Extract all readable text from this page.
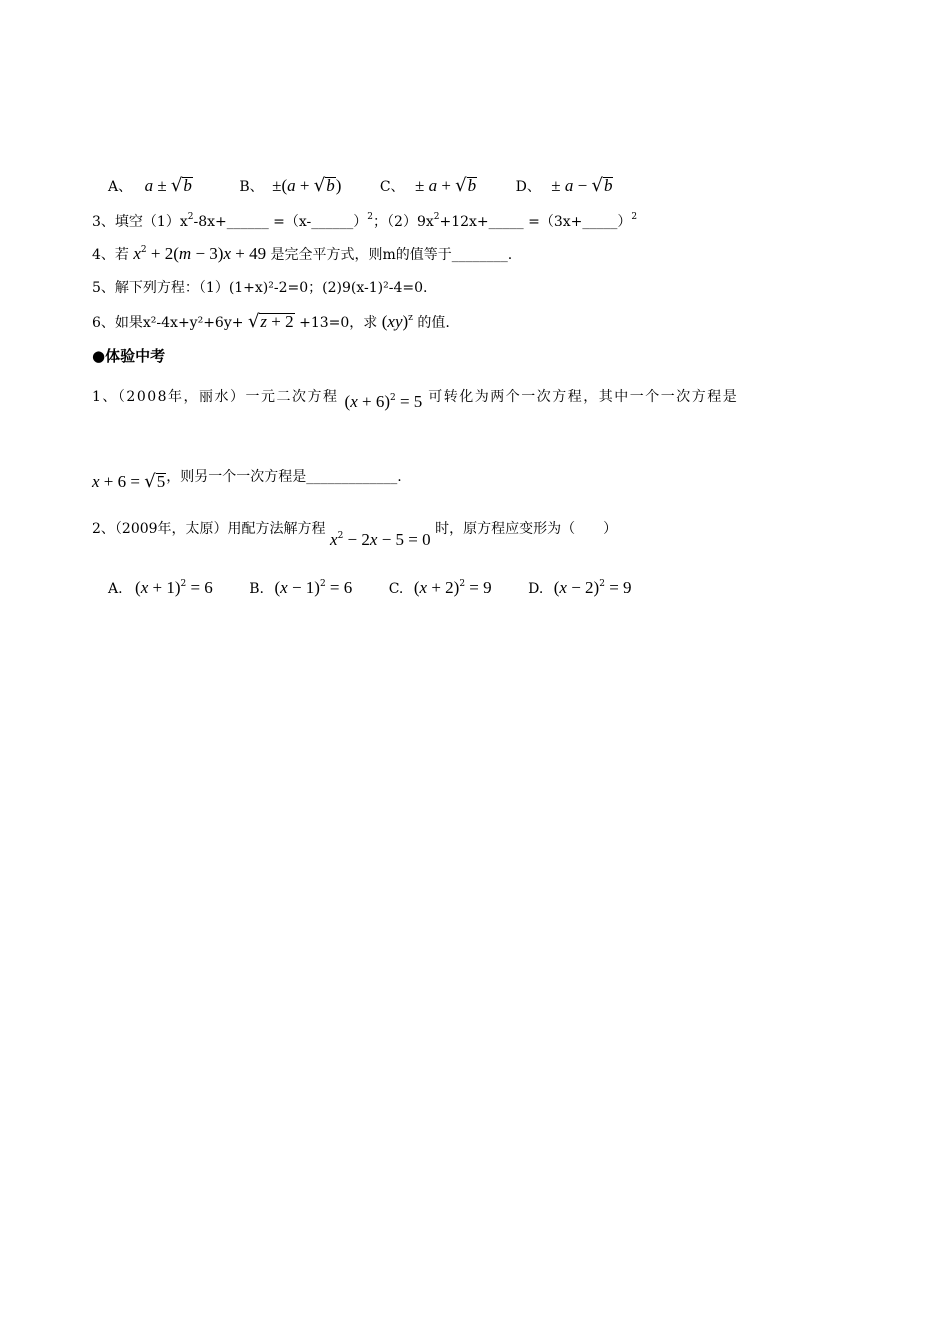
A、 a ± √b	B、 ±(a + √b)	C、 ± a + √b	D、 ± a − √b
3、填空$(1)x^2-8x+\_\_\_\_\_\_$ =（x-______）$^2$；$(2)9x^2+12x+\_\_\_\_\_$ =（3x+_____）$^2$
4、若 $x^2 + 2(m - 3)x + 49$ 是完全平方式，则m的值等于________.
5、解下列方程：（1）(1+x)²-2=0；(2)9(x-1)²-4=0.
6、如果x²-4x+y²+6y+ √z + 2 +13=0，求 (xy)$^z$ 的值.
●体验中考
1、（2008年，丽水）一元二次方程 $(x + 6)^2 = 5$ 可转化为两个一次方程，其中一个一次方程是
x + 6 = √5，则另一个一次方程是_____________.
2、（2009年，太原）用配方法解方程 $x^2 - 2x - 5 = 0$ 时，原方程应变形为（　　）
A. $(x + 1)^2 = 6$	B. $(x - 1)^2 = 6$	C. $(x + 2)^2 = 9$	D. $(x - 2)^2 = 9$
